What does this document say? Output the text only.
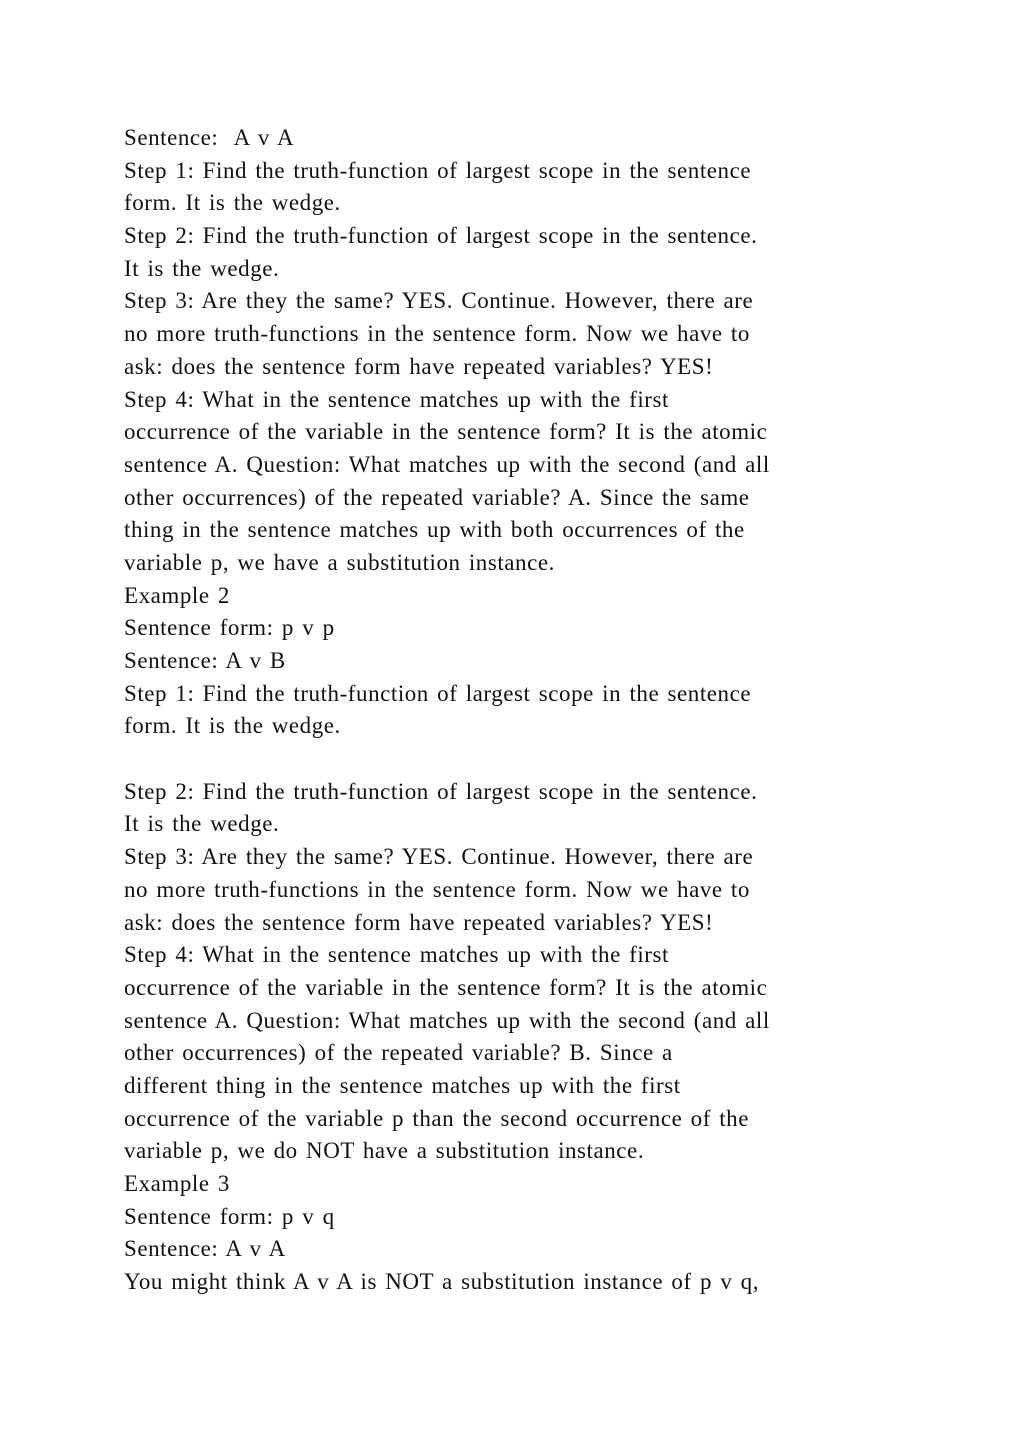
Sentence:  A v A
Step 1: Find the truth-function of largest scope in the sentence
form. It is the wedge.
Step 2: Find the truth-function of largest scope in the sentence.
It is the wedge.
Step 3: Are they the same? YES. Continue. However, there are
no more truth-functions in the sentence form. Now we have to
ask: does the sentence form have repeated variables? YES!
Step 4: What in the sentence matches up with the first
occurrence of the variable in the sentence form? It is the atomic
sentence A. Question: What matches up with the second (and all
other occurrences) of the repeated variable? A. Since the same
thing in the sentence matches up with both occurrences of the
variable p, we have a substitution instance.
Example 2
Sentence form: p v p
Sentence: A v B
Step 1: Find the truth-function of largest scope in the sentence
form. It is the wedge.
Step 2: Find the truth-function of largest scope in the sentence.
It is the wedge.
Step 3: Are they the same? YES. Continue. However, there are
no more truth-functions in the sentence form. Now we have to
ask: does the sentence form have repeated variables? YES!
Step 4: What in the sentence matches up with the first
occurrence of the variable in the sentence form? It is the atomic
sentence A. Question: What matches up with the second (and all
other occurrences) of the repeated variable? B. Since a
different thing in the sentence matches up with the first
occurrence of the variable p than the second occurrence of the
variable p, we do NOT have a substitution instance.
Example 3
Sentence form: p v q
Sentence: A v A
You might think A v A is NOT a substitution instance of p v q,
